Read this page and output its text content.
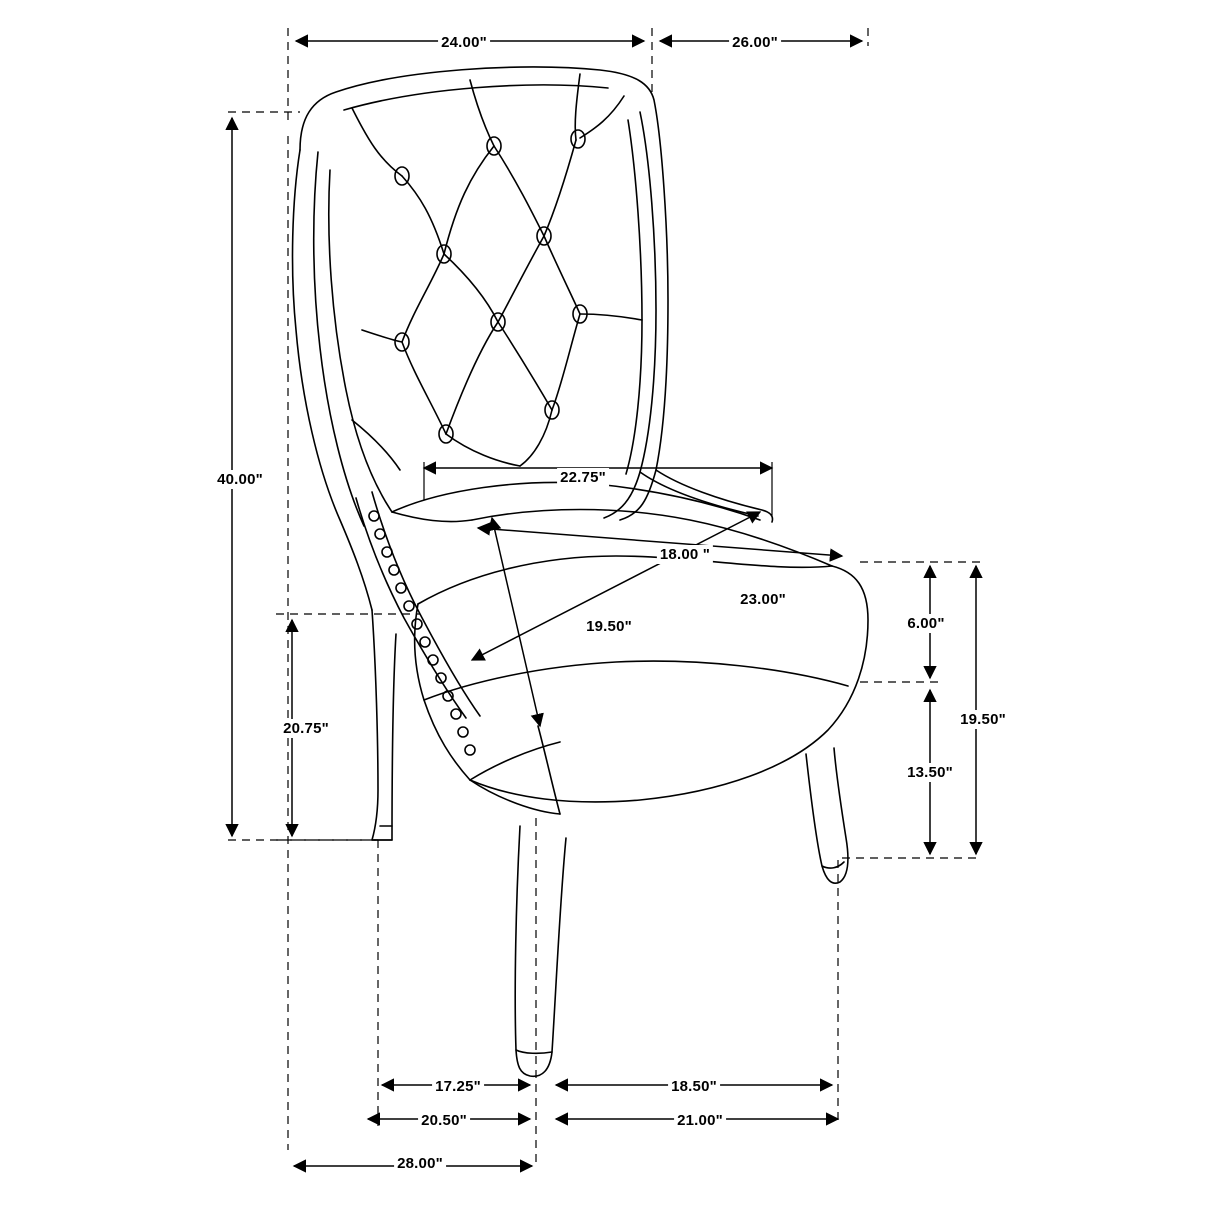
24.00"	26.00"
40.00"	22.75"
18.00 "
23.00"
19.50"	6.00"
19.50"
20.75"
13.50"
17.25"	18.50"
20.50"	21.00"
28.00"
